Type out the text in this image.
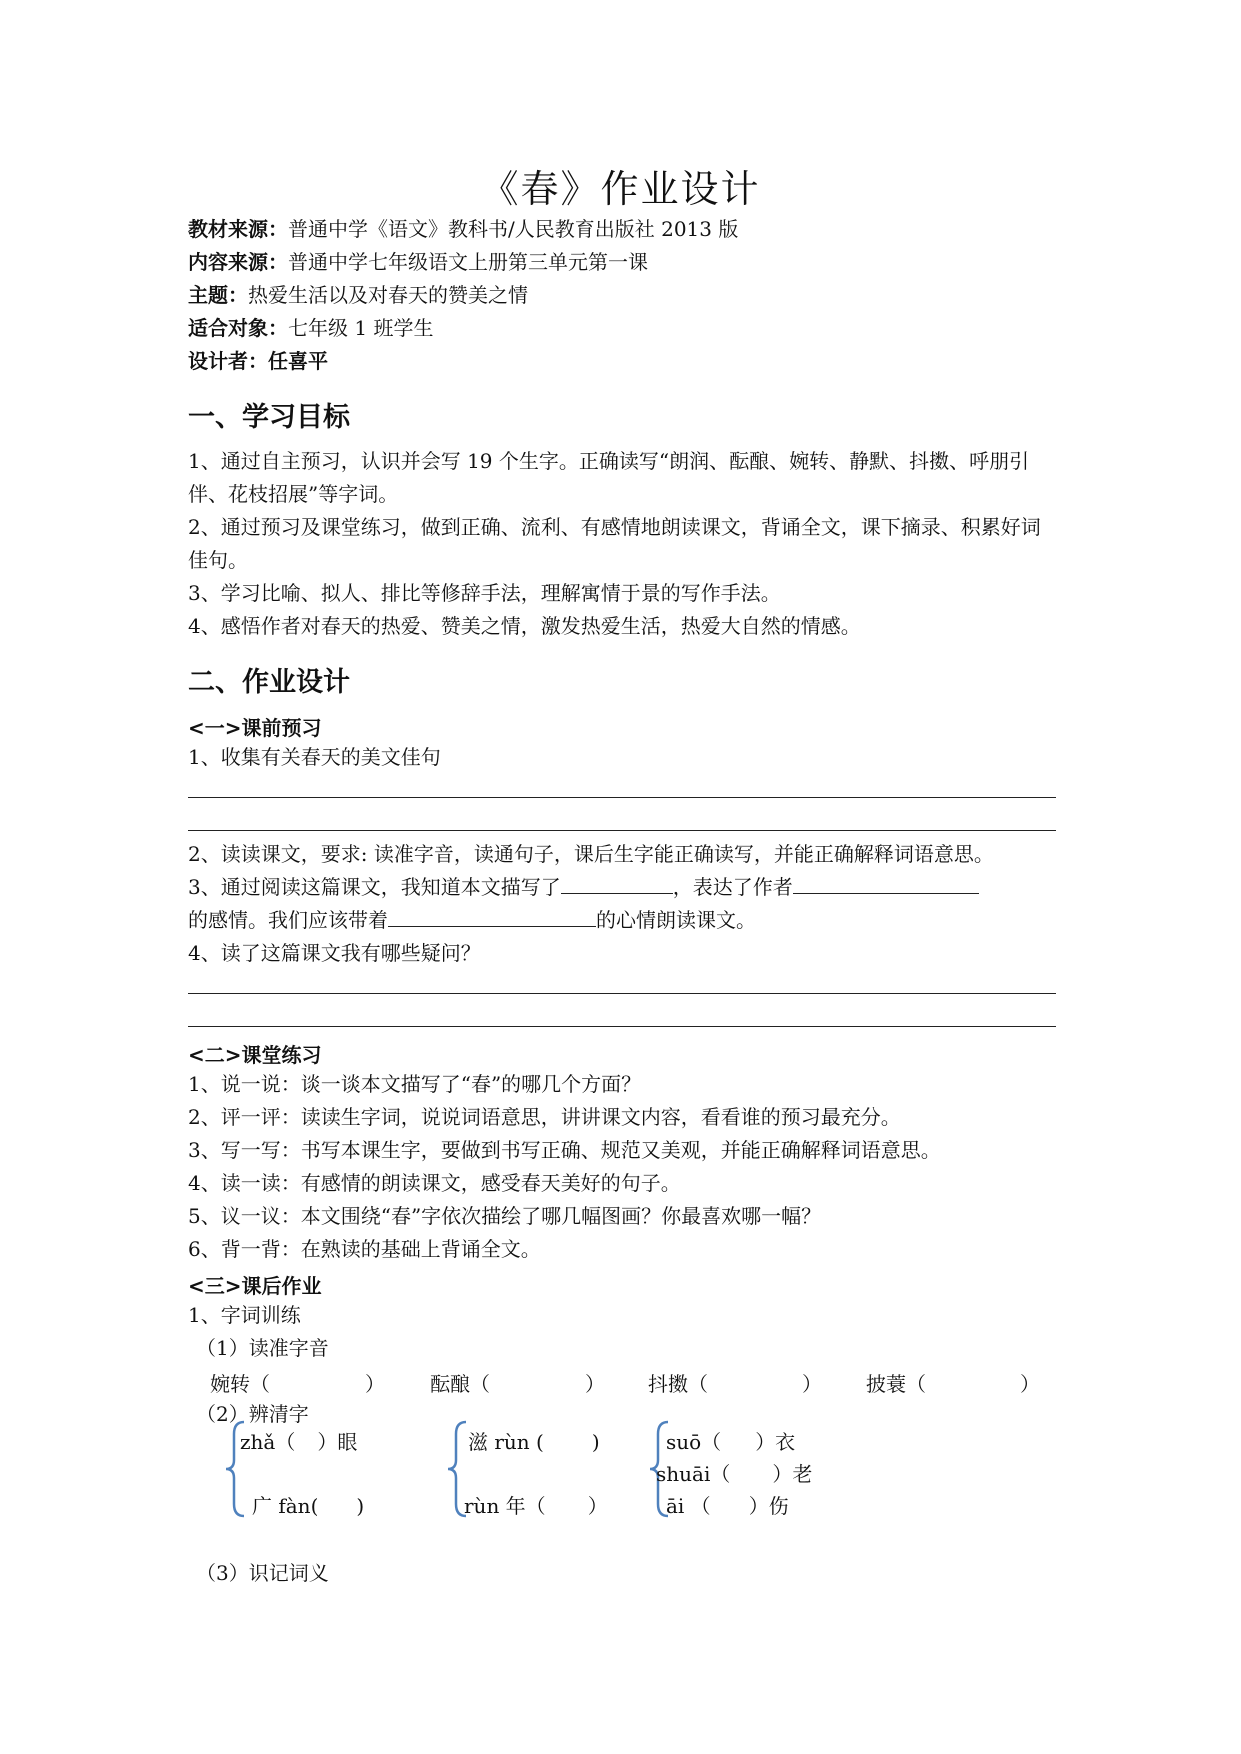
《春》作业设计
教材来源：普通中学《语文》教科书/人民教育出版社 2013 版
内容来源：普通中学七年级语文上册第三单元第一课
主题：热爱生活以及对春天的赞美之情
适合对象：七年级 1 班学生
设计者：任喜平
一、学习目标
1、通过自主预习，认识并会写 19 个生字。正确读写“朗润、酝酿、婉转、静默、抖擞、呼朋引伴、花枝招展”等字词。
2、通过预习及课堂练习，做到正确、流利、有感情地朗读课文，背诵全文，课下摘录、积累好词佳句。
3、学习比喻、拟人、排比等修辞手法，理解寓情于景的写作手法。
4、感悟作者对春天的热爱、赞美之情，激发热爱生活，热爱大自然的情感。
二、作业设计
<一>课前预习
1、收集有关春天的美文佳句
2、读读课文，要求: 读准字音，读通句子，课后生字能正确读写，并能正确解释词语意思。
3、通过阅读这篇课文，我知道本文描写了	，表达了作者
的感情。我们应该带着	的心情朗读课文。
4、读了这篇课文我有哪些疑问？
<二>课堂练习
1、说一说：谈一谈本文描写了“春”的哪几个方面？
2、评一评：读读生字词，说说词语意思，讲讲课文内容，看看谁的预习最充分。
3、写一写：书写本课生字，要做到书写正确、规范又美观，并能正确解释词语意思。
4、读一读：有感情的朗读课文，感受春天美好的句子。
5、议一议：本文围绕“春”字依次描绘了哪几幅图画？你最喜欢哪一幅？
6、背一背：在熟读的基础上背诵全文。
<三>课后作业
1、字词训练
（1）读准字音
婉转（	） 酝酿（	） 抖擞（	） 披蓑（	）
（2）辨清字
zhǎ（ ）眼
广 fàn( )
滋 rùn ( )
rùn 年（ ）
suō（ ）衣
shuāi（ ）老
āi （ ）伤
（3）识记词义
